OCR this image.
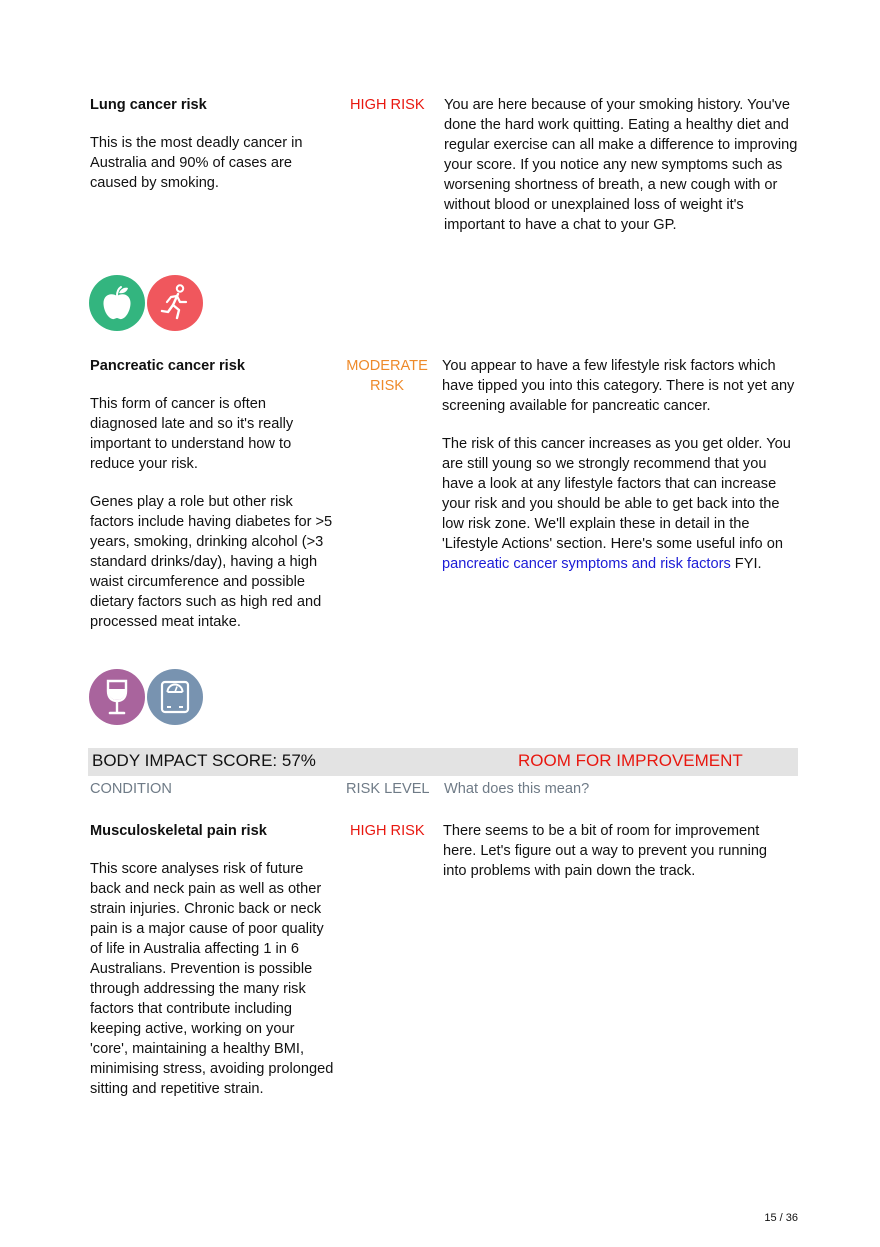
Lung cancer risk
This is the most deadly cancer in Australia and 90% of cases are caused by smoking.
HIGH RISK You are here because of your smoking history. You've done the hard work quitting. Eating a healthy diet and regular exercise can all make a difference to improving your score. If you notice any new symptoms such as worsening shortness of breath, a new cough with or without blood or unexplained loss of weight it's important to have a chat to your GP.
Pancreatic cancer risk

This form of cancer is often diagnosed late and so it's really important to understand how to reduce your risk.

Genes play a role but other risk factors include having diabetes for >5 years, smoking, drinking alcohol (>3 standard drinks/day), having a high waist circumference and possible dietary factors such as high red and processed meat intake.

MODERATE
RISK

You appear to have a few lifestyle risk factors which have tipped you into this category. There is not yet any screening available for pancreatic cancer.

The risk of this cancer increases as you get older. You are still young so we strongly recommend that you have a look at any lifestyle factors that can increase your risk and you should be able to get back into the low risk zone. We'll explain these in detail in the 'Lifestyle Actions' section. Here's some useful info on pancreatic cancer symptoms and risk factors FYI.

BODY IMPACT SCORE: 57%	ROOM FOR IMPROVEMENT
CONDITION	RISK LEVEL What does this mean?
Musculoskeletal pain risk
This score analyses risk of future back and neck pain as well as other strain injuries. Chronic back or neck pain is a major cause of poor quality of life in Australia affecting 1 in 6 Australians. Prevention is possible through addressing the many risk factors that contribute including keeping active, working on your 'core', maintaining a healthy BMI, minimising stress, avoiding prolonged sitting and repetitive strain.
HIGH RISK There seems to be a bit of room for improvement here. Let's figure out a way to prevent you running into problems with pain down the track.
15 / 36
